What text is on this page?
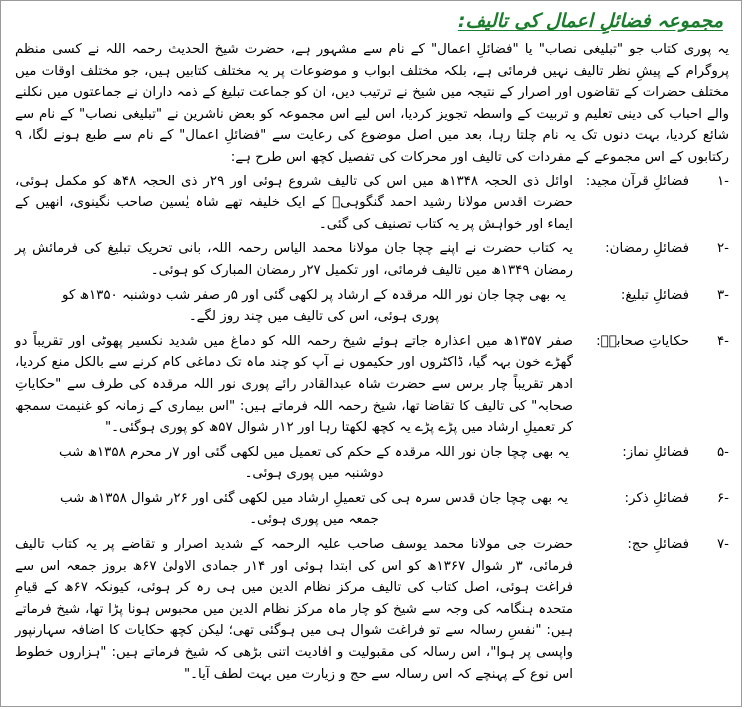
مجموعہ فضائلِ اعمال کی تالیف:
یہ پوری کتاب جو "تبلیغی نصاب" یا "فضائلِ اعمال" کے نام سے مشہور ہے، حضرت شیخ الحدیث رحمہ اللہ نے کسی منظم پروگرام کے پیشِ نظر تالیف نہیں فرمائی ہے، بلکہ مختلف ابواب و موضوعات پر یہ مختلف کتابیں ہیں، جو مختلف اوقات میں مختلف حضرات کے تقاضوں اور اصرار کے نتیجہ میں شیخ نے ترتیب دیں، ان کو جماعت تبلیغ کے ذمہ داران نے جماعتوں میں نکلنے والے احباب کی دینی تعلیم و تربیت کے واسطہ تجویز کردیا، اس لیے اس مجموعہ کو بعض ناشرین نے "تبلیغی نصاب" کے نام سے شائع کردیا، بہت دنوں تک یہ نام چلتا رہا، بعد میں اصل موضوع کی رعایت سے "فضائلِ اعمال" کے نام سے طبع ہونے لگا، ۹ رکتابوں کے اس مجموعے کے مفردات کی تالیف اور محرکات کی تفصیل کچھ اس طرح ہے:
-۱
فضائلِ قرآن مجید:
اوائل ذی الحجہ ۱۳۴۸ھ میں اس کی تالیف شروع ہوئی اور ۲۹ر ذی الحجہ ۴۸ھ کو مکمل ہوئی، حضرت اقدس مولانا رشید احمد گنگوہیؒ کے ایک خلیفہ تھے شاہ یٰسین صاحب نگینوی، انھیں کے ایماء اور خواہش پر یہ کتاب تصنیف کی گئی۔
-۲
فضائلِ رمضان:
یہ کتاب حضرت نے اپنے چچا جان مولانا محمد الیاس رحمہ اللہ، بانی تحریک تبلیغ کی فرمائش پر رمضان ۱۳۴۹ھ میں تالیف فرمائی، اور تکمیل ۲۷ر رمضان المبارک کو ہوئی۔
-۳
فضائلِ تبلیغ:
یہ بھی چچا جان نور اللہ مرقدہ کے ارشاد پر لکھی گئی اور ۵ر صفر شب دوشنبہ ۱۳۵۰ھ کو پوری ہوئی، اس کی تالیف میں چند روز لگے۔
-۴
حکایاتِ صحابہؓ:
صفر ۱۳۵۷ھ میں اعذارہ جاتے ہوئے شیخ رحمہ اللہ کو دماغ میں شدید نکسیر پھوٹی اور تقریباً دو گھڑے خون بہہ گیا، ڈاکٹروں اور حکیموں نے آپ کو چند ماہ تک دماغی کام کرنے سے بالکل منع کردیا، ادھر تقریباً چار برس سے حضرت شاہ عبدالقادر رائے پوری نور اللہ مرقدہ کی طرف سے "حکایاتِ صحابہ" کی تالیف کا تقاضا تھا، شیخ رحمہ اللہ فرماتے ہیں: "اس بیماری کے زمانہ کو غنیمت سمجھ کر تعمیلِ ارشاد میں پڑے پڑے یہ کچھ لکھتا رہا اور ۱۲ر شوال ۵۷ھ کو پوری ہوگئی۔"
-۵
فضائلِ نماز:
یہ بھی چچا جان نور اللہ مرقدہ کے حکم کی تعمیل میں لکھی گئی اور ۷ر محرم ۱۳۵۸ھ شب دوشنبہ میں پوری ہوئی۔
-۶
فضائلِ ذکر:
یہ بھی چچا جان قدس سرہ ہی کی تعمیلِ ارشاد میں لکھی گئی اور ۲۶ر شوال ۱۳۵۸ھ شب جمعہ میں پوری ہوئی۔
-۷
فضائلِ حج:
حضرت جی مولانا محمد یوسف صاحب علیہ الرحمہ کے شدید اصرار و تقاضے پر یہ کتاب تالیف فرمائی، ۳ر شوال ۱۳۶۷ھ کو اس کی ابتدا ہوئی اور ۱۴ر جمادی الاولیٰ ۶۷ھ بروز جمعہ اس سے فراغت ہوئی، اصل کتاب کی تالیف مرکز نظام الدین میں ہی رہ کر ہوئی، کیونکہ ۶۷ھ کے قیامِ متحدہ ہنگامہ کی وجہ سے شیخ کو چار ماہ مرکز نظام الدین میں محبوس ہونا پڑا تھا، شیخ فرماتے ہیں: "نفسِ رسالہ سے تو فراغت شوال ہی میں ہوگئی تھی؛ لیکن کچھ حکایات کا اضافہ سہارنپور واپسی پر ہوا"، اس رسالہ کی مقبولیت و افادیت اتنی بڑھی کہ شیخ فرماتے ہیں: "ہزاروں خطوط اس نوع کے پہنچے کہ اس رسالہ سے حج و زیارت میں بہت لطف آیا۔"
